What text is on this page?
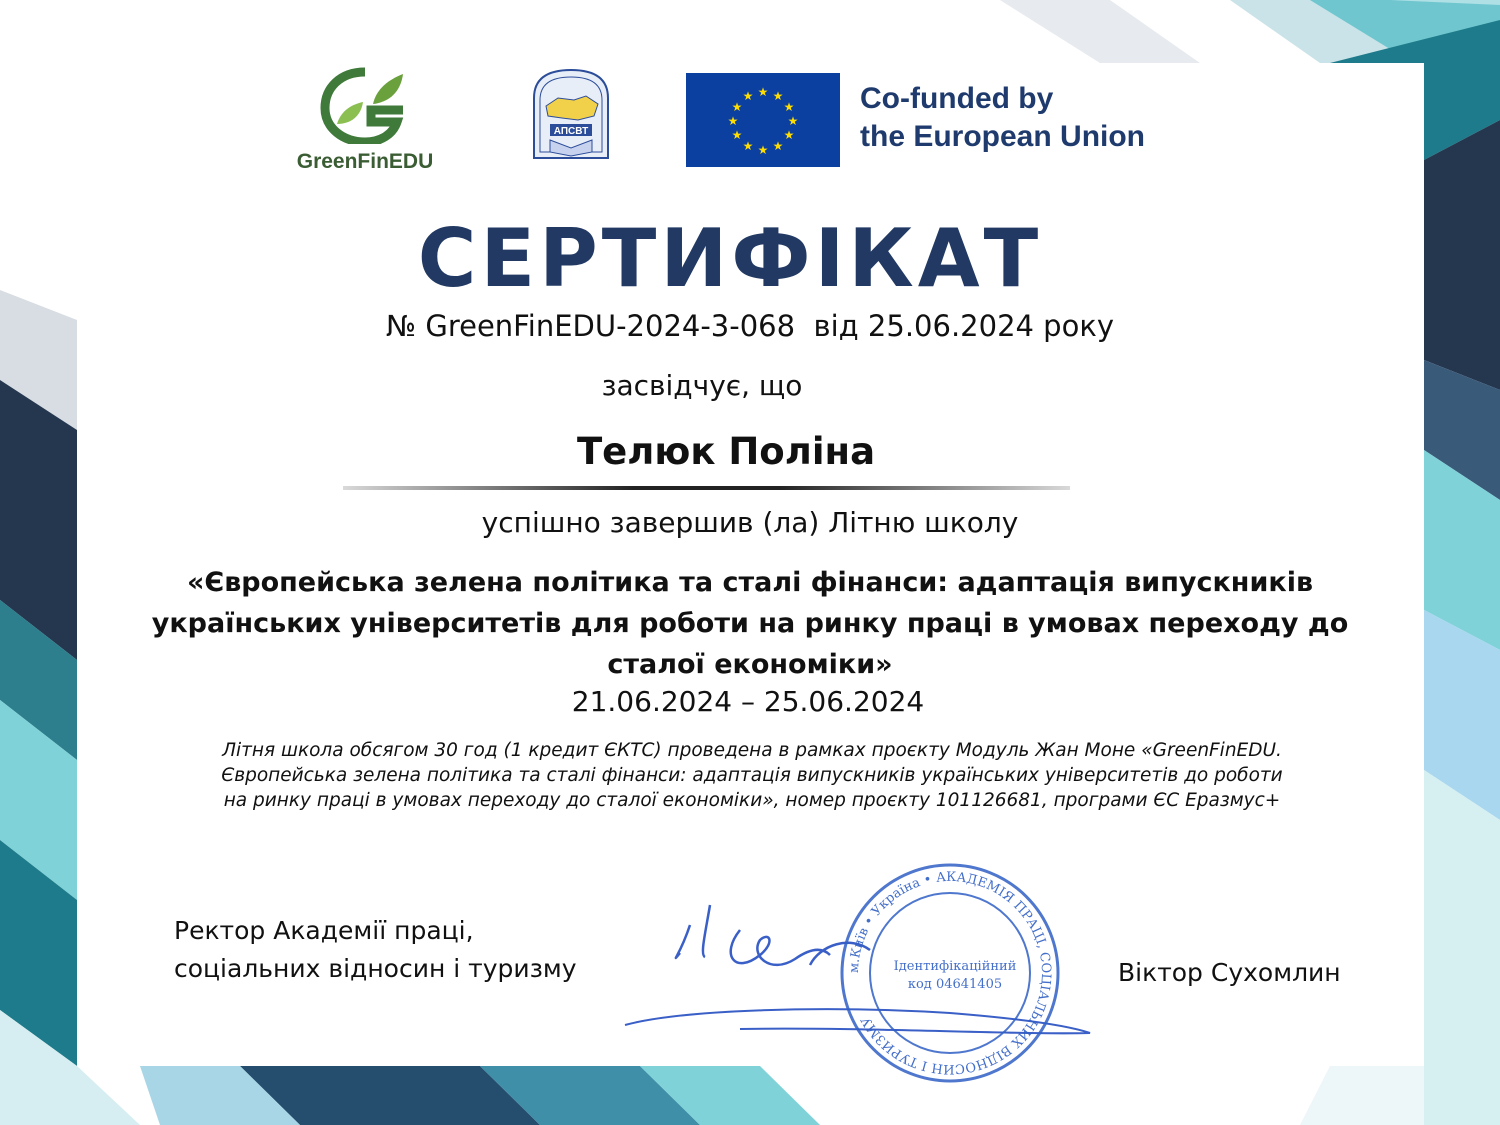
GreenFinEDU
АПСВТ
★ ★
★
★
★
★
★
★
★
★
★
★	Co-funded by
the European Union
СЕРТИФІКАТ
№ GreenFinEDU-2024-3-068  від 25.06.2024 року
засвідчує, що
Телюк Поліна
успішно завершив (ла) Літню школу
«Європейська зелена політика та сталі фінанси: адаптація випускників українських університетів для роботи на ринку праці в умовах переходу до сталої економіки»
21.06.2024 – 25.06.2024
Літня школа обсягом 30 год (1 кредит ЄКТС) проведена в рамках проєкту Модуль Жан Моне «GreenFinEDU. Європейська зелена політика та сталі фінанси: адаптація випускників українських університетів до роботи на ринку праці в умовах переходу до сталої економіки», номер проєкту 101126681, програми ЄС Еразмус+
Ректор Академії праці,
соціальних відносин і туризму	Віктор Сухомлин
м.Київ • Україна • АКАДЕМІЯ ПРАЦІ, СОЦІАЛЬНИХ ВІДНОСИН І ТУРИЗМУ
Ідентифікаційний
код 04641405
